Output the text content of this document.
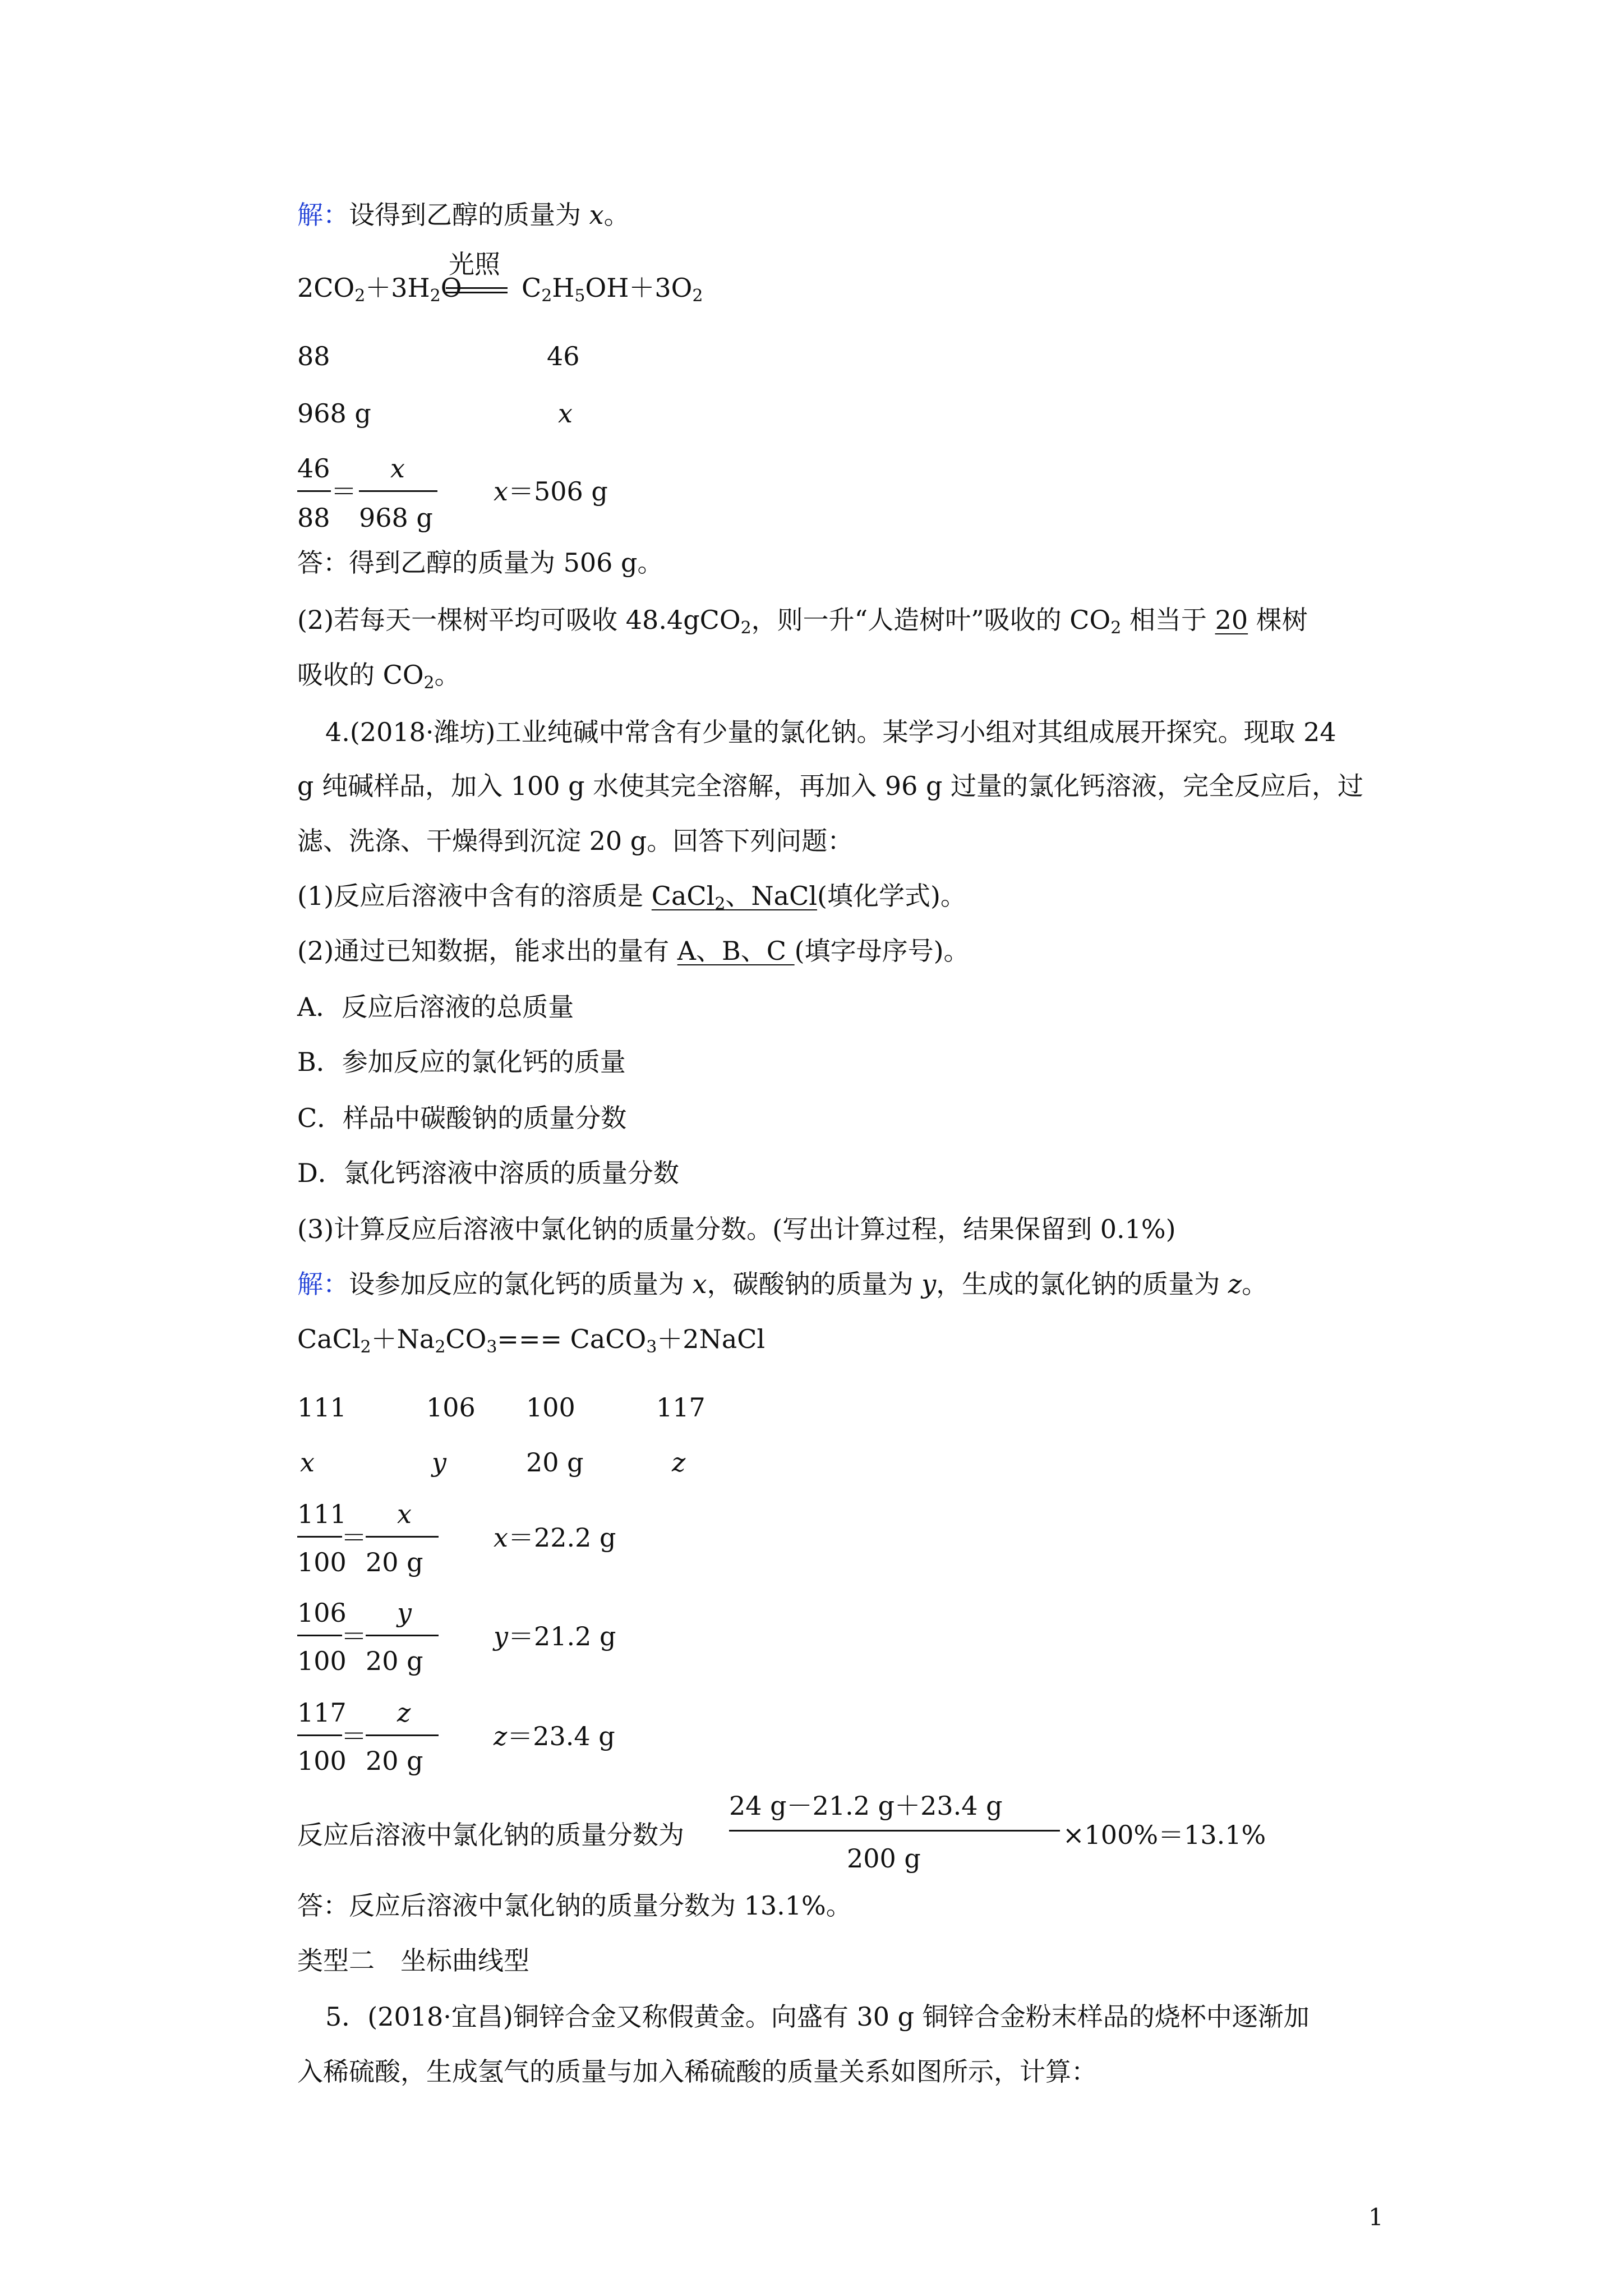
解：设得到乙醇的质量为 x。
$2CO_2+3H_2O$
光照
$C_2H_5OH+3O_2$
88	46
968 g	x
46
88
＝
x
968 g
x＝506 g
答：得到乙醇的质量为 506 g。
(2)若每天一棵树平均可吸收 48.4gCO$_2$，则一升“人造树叶”吸收的 $CO_2$ 相当于 20 棵树
吸收的 $CO_2$。
4.(2018·潍坊)工业纯碱中常含有少量的氯化钠。某学习小组对其组成展开探究。现取 24
g 纯碱样品，加入 100 g 水使其完全溶解，再加入 96 g 过量的氯化钙溶液，完全反应后，过
滤、洗涤、干燥得到沉淀 20 g。回答下列问题：
(1)反应后溶液中含有的溶质是 CaCl$_2$、NaCl(填化学式)。
(2)通过已知数据，能求出的量有 A、B、C (填字母序号)。
A．反应后溶液的总质量
B．参加反应的氯化钙的质量
C．样品中碳酸钠的质量分数
D．氯化钙溶液中溶质的质量分数
(3)计算反应后溶液中氯化钠的质量分数。(写出计算过程，结果保留到 0.1%)
解：设参加反应的氯化钙的质量为 x，碳酸钠的质量为 y，生成的氯化钠的质量为 z。
$CaCl_2+Na_2CO_3===$ CaCO$_3$＋2NaCl
111	106 100	117
x	y	20 g	z
111
100
＝
x
20 g
x＝22.2 g
106
100
＝
y
20 g
y＝21.2 g
117
100
＝
z
20 g
z＝23.4 g
反应后溶液中氯化钠的质量分数为
24 g－21.2 g＋23.4 g
200 g
×100%＝13.1%
答：反应后溶液中氯化钠的质量分数为 13.1%。
类型二　坐标曲线型
5．(2018·宜昌)铜锌合金又称假黄金。向盛有 30 g 铜锌合金粉末样品的烧杯中逐渐加
入稀硫酸，生成氢气的质量与加入稀硫酸的质量关系如图所示，计算：
1
